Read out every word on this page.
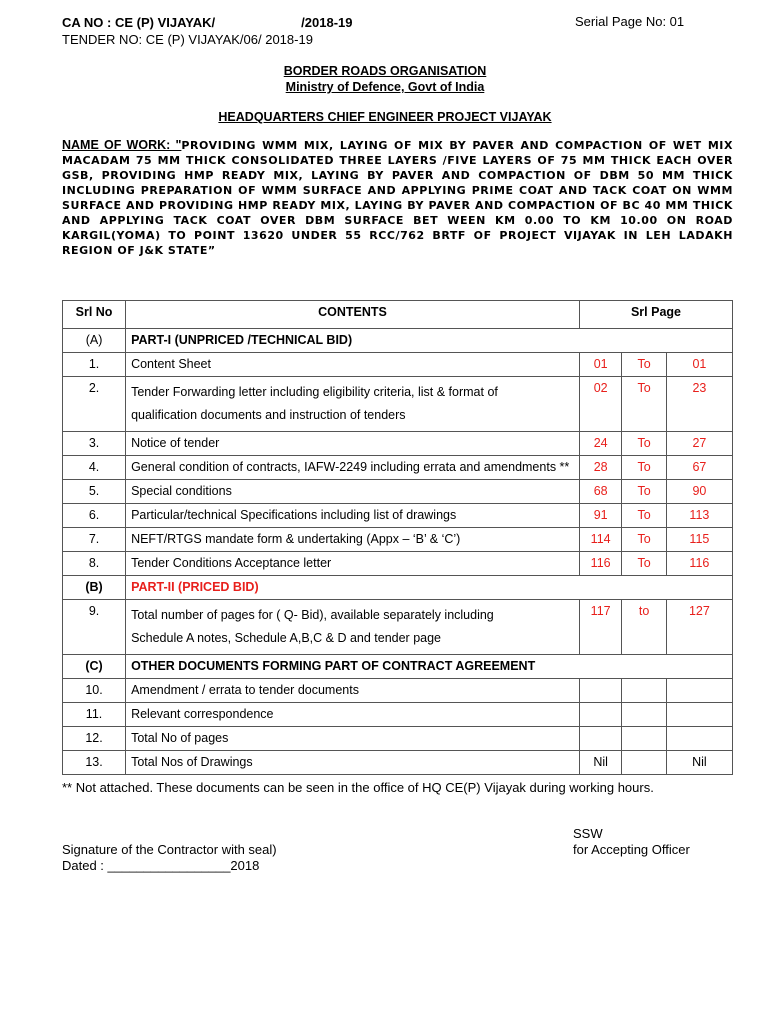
CA NO : CE (P) VIJAYAK/	/2018-19
TENDER NO: CE (P) VIJAYAK/06/ 2018-19
Serial Page No: 01
BORDER ROADS ORGANISATION
Ministry of Defence, Govt of India
HEADQUARTERS CHIEF ENGINEER PROJECT VIJAYAK
NAME OF WORK: "PROVIDING WMM MIX, LAYING OF MIX BY PAVER AND COMPACTION OF WET MIX MACADAM 75 MM THICK CONSOLIDATED THREE LAYERS /FIVE LAYERS OF 75 MM THICK EACH OVER GSB, PROVIDING HMP READY MIX, LAYING BY PAVER AND COMPACTION OF DBM 50 MM THICK INCLUDING PREPARATION OF WMM SURFACE AND APPLYING PRIME COAT AND TACK COAT ON WMM SURFACE AND PROVIDING HMP READY MIX, LAYING BY PAVER AND COMPACTION OF BC 40 MM THICK AND APPLYING TACK COAT OVER DBM SURFACE BET WEEN KM 0.00 TO KM 10.00 ON ROAD KARGIL(YOMA) TO POINT 13620 UNDER 55 RCC/762 BRTF OF PROJECT VIJAYAK IN LEH LADAKH REGION OF J&K STATE”
Srl No	CONTENTS	Srl Page		
(A)	PART-I (UNPRICED /TECHNICAL BID)			
1.	Content Sheet	01	To	01
2.	Tender Forwarding letter including eligibility criteria, list & format of
qualification documents and instruction of tenders	02	To	23
3.	Notice of tender	24	To	27
4.	General condition of contracts, IAFW-2249 including errata and amendments **	28	To	67
5.	Special conditions	68	To	90
6.	Particular/technical Specifications including list of drawings	91	To	113
7.	NEFT/RTGS mandate form & undertaking (Appx – ‘B’ & ‘C’)	114	To	115
8.	Tender Conditions Acceptance letter	116	To	116
(B)	PART-II (PRICED BID)			
9.	Total number of pages for ( Q- Bid), available separately including
Schedule A notes, Schedule A,B,C & D and tender page	117	to	127
(C)	OTHER DOCUMENTS FORMING PART OF CONTRACT AGREEMENT			
10.	Amendment / errata to tender documents			
11.	Relevant correspondence			
12.	Total No of pages			
13.	Total Nos of Drawings	Nil		Nil
** Not attached. These documents can be seen in the office of HQ CE(P) Vijayak during working hours.
SSW
for Accepting Officer
Signature of the Contractor with seal)
Dated : _________________2018
